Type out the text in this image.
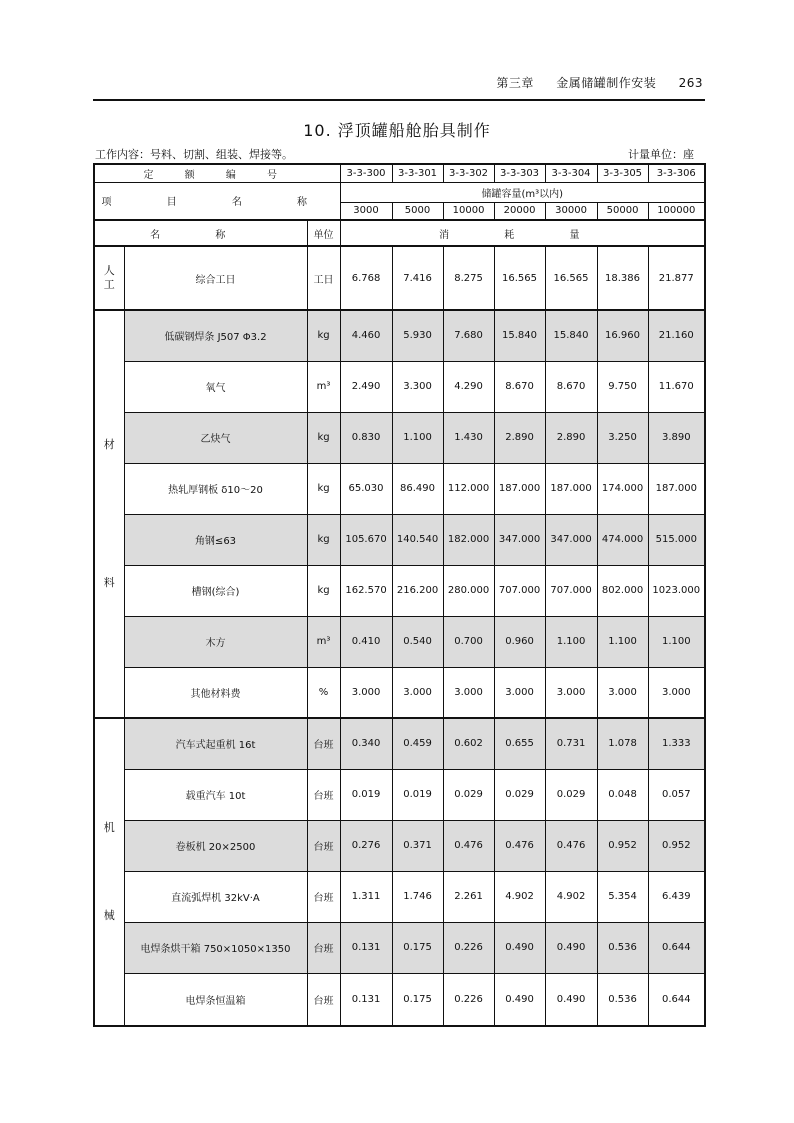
第三章 金属储罐制作安装 263
10. 浮顶罐船舱胎具制作
工作内容：号料、切割、组装、焊接等。	计量单位：座
定 额 编 号			3-3-300	3-3-301	3-3-302	3-3-303	3-3-304	3-3-305	3-3-306
项 目 名 称			储罐容量(m³以内)						
			3000	5000	10000	20000	30000	50000	100000
名 称		单位	消 耗 量						
人
工	综合工日	工日	6.768	7.416	8.275	16.565	16.565	18.386	21.877
材

料	低碳钢焊条 J507 Φ3.2	kg	4.460	5.930	7.680	15.840	15.840	16.960	21.160
	氧气	m³	2.490	3.300	4.290	8.670	8.670	9.750	11.670
	乙炔气	kg	0.830	1.100	1.430	2.890	2.890	3.250	3.890
	热轧厚钢板 δ10～20	kg	65.030	86.490	112.000	187.000	187.000	174.000	187.000
	角钢≤63	kg	105.670	140.540	182.000	347.000	347.000	474.000	515.000
	槽钢(综合)	kg	162.570	216.200	280.000	707.000	707.000	802.000	1023.000
	木方	m³	0.410	0.540	0.700	0.960	1.100	1.100	1.100
	其他材料费	%	3.000	3.000	3.000	3.000	3.000	3.000	3.000
机

械	汽车式起重机 16t	台班	0.340	0.459	0.602	0.655	0.731	1.078	1.333
	载重汽车 10t	台班	0.019	0.019	0.029	0.029	0.029	0.048	0.057
	卷板机 20×2500	台班	0.276	0.371	0.476	0.476	0.476	0.952	0.952
	直流弧焊机 32kV·A	台班	1.311	1.746	2.261	4.902	4.902	5.354	6.439
	电焊条烘干箱 750×1050×1350	台班	0.131	0.175	0.226	0.490	0.490	0.536	0.644
	电焊条恒温箱	台班	0.131	0.175	0.226	0.490	0.490	0.536	0.644
